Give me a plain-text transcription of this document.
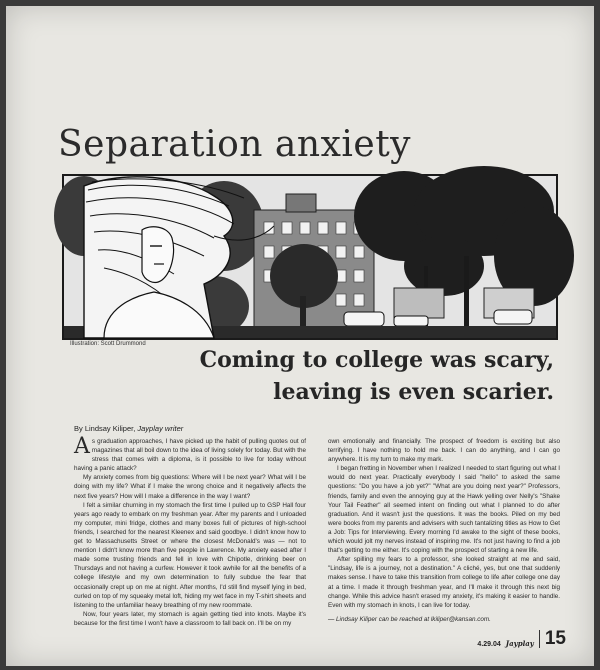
Separation anxiety
Illustration: Scott Drummond
Coming to college was scary,
leaving is even scarier.
By Lindsay Kiliper, Jayplay writer

As graduation approaches, I have picked up the habit of pulling quotes out of magazines that all boil down to the idea of living solely for today. But with the stress that comes with a diploma, is it possible to live for today without having a panic attack?

My anxiety comes from big questions: Where will I be next year? What will I be doing with my life? What if I make the wrong choice and it negatively affects the next five years? How will I make a difference in the way I want?

I felt a similar churning in my stomach the first time I pulled up to GSP Hall four years ago ready to embark on my freshman year. After my parents and I unloaded my computer, mini fridge, clothes and many boxes full of pictures of high-school friends, I searched for the nearest Kleenex and said goodbye. I didn't know how to get to Massachusetts Street or where the closest McDonald's was — not to mention I didn't know more than five people in Lawrence. My anxiety eased after I made some trusting friends and fell in love with Chipotle, drinking beer on Thursdays and not having a curfew. However it took awhile for all the benefits of a college lifestyle and my own determination to fully subdue the fear that occasionally crept up on me at night. After months, I'd still find myself lying in bed, curled on top of my squeaky metal loft, hiding my wet face in my T-shirt sheets and listening to the unfamiliar heavy breathing of my new roommate.

Now, four years later, my stomach is again getting tied into knots. Maybe it's because for the first time I won't have a classroom to fall back on. I'll be on my

own emotionally and financially. The prospect of freedom is exciting but also terrifying. I have nothing to hold me back. I can do anything, and I can go anywhere. It is my turn to make my mark.

I began fretting in November when I realized I needed to start figuring out what I would do next year. Practically everybody I said "hello" to asked the same questions: "Do you have a job yet?" "What are you doing next year?" Professors, friends, family and even the annoying guy at the Hawk yelling over Nelly's "Shake Your Tail Feather" all seemed intent on finding out what I planned to do after graduation. And it wasn't just the questions. It was the books. Piled on my bed were books from my parents and advisers with such tantalizing titles as How to Get a Job: Tips for Interviewing. Every morning I'd awake to the sight of these books, which would jolt my nerves instead of inspiring me. It's not just having to find a job that's getting to me either. It's coping with the prospect of starting a new life.

After spilling my fears to a professor, she looked straight at me and said, "Lindsay, life is a journey, not a destination." A cliché, yes, but one that suddenly makes sense. I have to take this transition from college to life after college one day at a time. I made it through freshman year, and I'll make it through this next big change. While this advice hasn't erased my anxiety, it's making it easier to handle. Even with my stomach in knots, I can live for today.

— Lindsay Kiliper can be reached at lkiliper@kansan.com.

4.29.04 Jayplay 15
